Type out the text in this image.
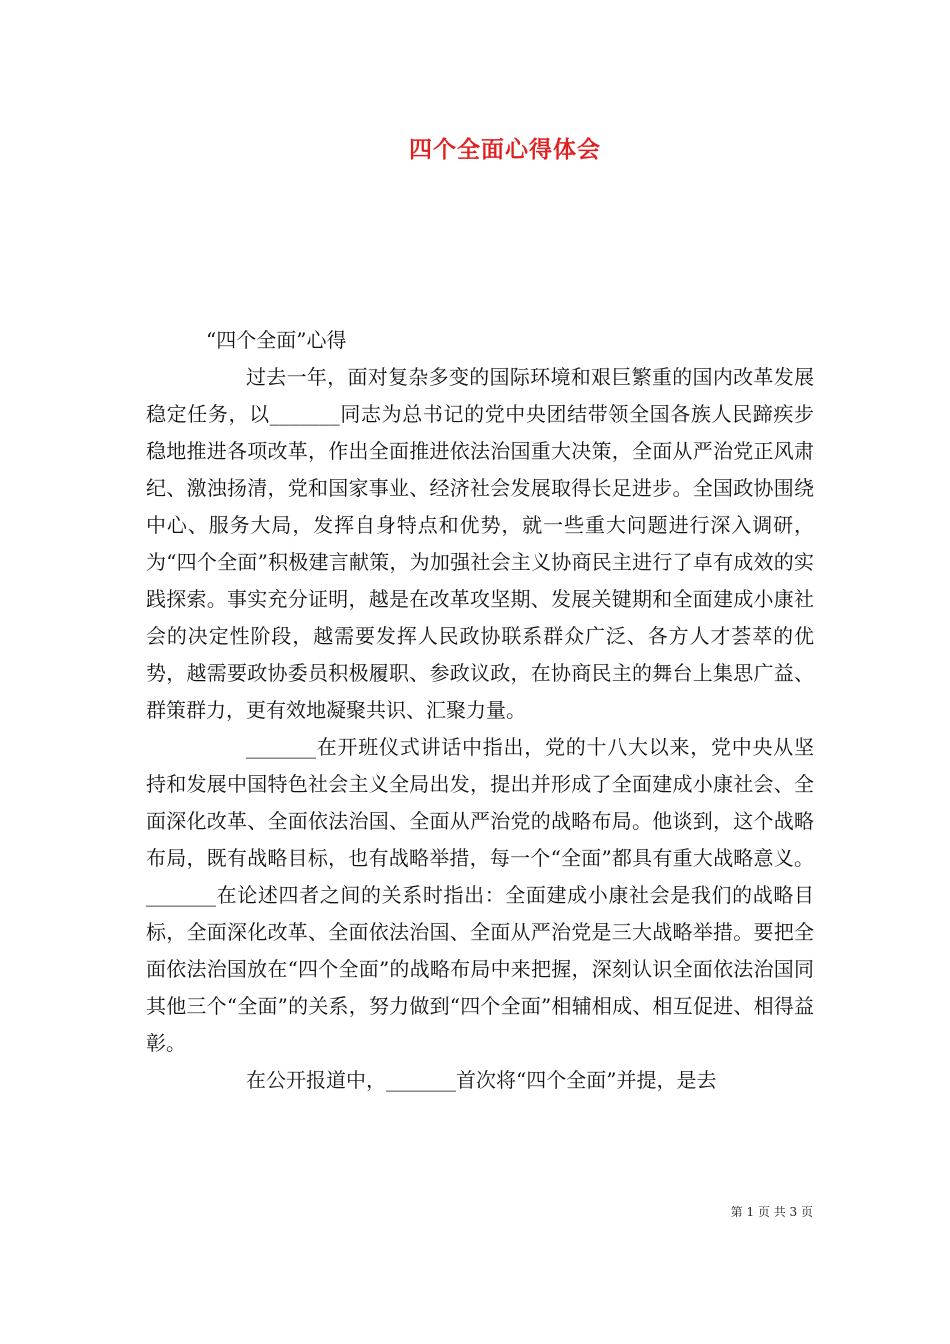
四个全面心得体会

“四个全面”心得

过去一年，面对复杂多变的国际环境和艰巨繁重的国内改革发展稳定任务，以_______同志为总书记的党中央团结带领全国各族人民蹄疾步稳地推进各项改革，作出全面推进依法治国重大决策，全面从严治党正风肃纪、激浊扬清，党和国家事业、经济社会发展取得长足进步。全国政协围绕中心、服务大局，发挥自身特点和优势，就一些重大问题进行深入调研，为“四个全面”积极建言献策，为加强社会主义协商民主进行了卓有成效的实践探索。事实充分证明，越是在改革攻坚期、发展关键期和全面建成小康社会的决定性阶段，越需要发挥人民政协联系群众广泛、各方人才荟萃的优势，越需要政协委员积极履职、参政议政，在协商民主的舞台上集思广益、群策群力，更有效地凝聚共识、汇聚力量。

_______在开班仪式讲话中指出，党的十八大以来，党中央从坚持和发展中国特色社会主义全局出发，提出并形成了全面建成小康社会、全面深化改革、全面依法治国、全面从严治党的战略布局。他谈到，这个战略布局，既有战略目标，也有战略举措，每一个“全面”都具有重大战略意义。_______在论述四者之间的关系时指出：全面建成小康社会是我们的战略目标，全面深化改革、全面依法治国、全面从严治党是三大战略举措。要把全面依法治国放在“四个全面”的战略布局中来把握，深刻认识全面依法治国同其他三个“全面”的关系，努力做到“四个全面”相辅相成、相互促进、相得益彰。

在公开报道中，_______首次将“四个全面”并提，是去

第 1 页 共 3 页
